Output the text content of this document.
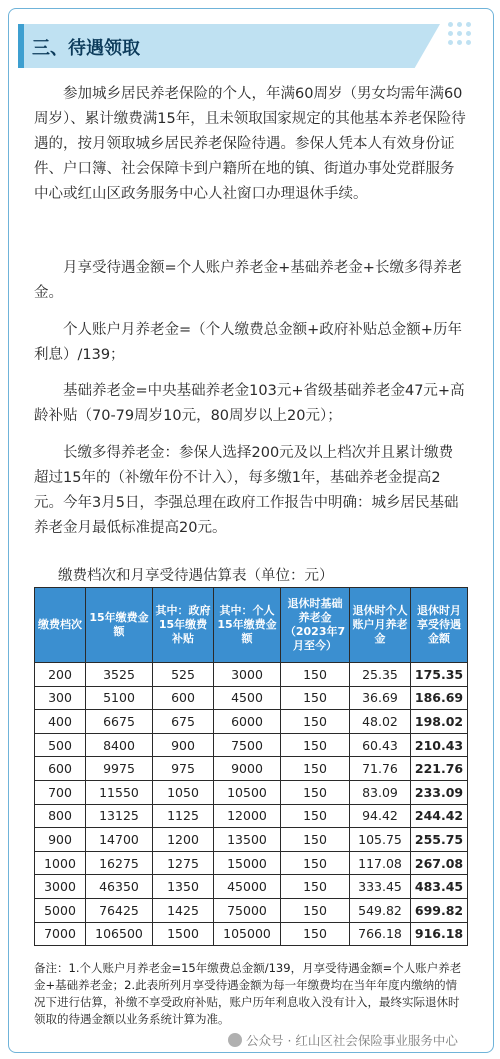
三、待遇领取
参加城乡居民养老保险的个人，年满60周岁（男女均需年满60周岁）、累计缴费满15年，且未领取国家规定的其他基本养老保险待遇的，按月领取城乡居民养老保险待遇。参保人凭本人有效身份证件、户口簿、社会保障卡到户籍所在地的镇、街道办事处党群服务中心或红山区政务服务中心人社窗口办理退休手续。
月享受待遇金额=个人账户养老金+基础养老金+长缴多得养老金。
个人账户月养老金=（个人缴费总金额+政府补贴总金额+历年利息）/139；
基础养老金=中央基础养老金103元+省级基础养老金47元+高龄补贴（70-79周岁10元，80周岁以上20元）；
长缴多得养老金：参保人选择200元及以上档次并且累计缴费超过15年的（补缴年份不计入），每多缴1年，基础养老金提高2元。今年3月5日，李强总理在政府工作报告中明确：城乡居民基础养老金月最低标准提高20元。
缴费档次和月享受待遇估算表（单位：元）
缴费档次	15年缴费金额	其中：政府15年缴费补贴	其中：个人15年缴费金额	退休时基础养老金（2023年7月至今）	退休时个人账户月养老金	退休时月享受待遇金额
200	3525	525	3000	150	25.35	175.35
300	5100	600	4500	150	36.69	186.69
400	6675	675	6000	150	48.02	198.02
500	8400	900	7500	150	60.43	210.43
600	9975	975	9000	150	71.76	221.76
700	11550	1050	10500	150	83.09	233.09
800	13125	1125	12000	150	94.42	244.42
900	14700	1200	13500	150	105.75	255.75
1000	16275	1275	15000	150	117.08	267.08
3000	46350	1350	45000	150	333.45	483.45
5000	76425	1425	75000	150	549.82	699.82
7000	106500	1500	105000	150	766.18	916.18
备注：1.个人账户月养老金=15年缴费总金额/139，月享受待遇金额=个人账户养老金+基础养老金；2.此表所列月享受待遇金额为每一年缴费均在当年年度内缴纳的情况下进行估算，补缴不享受政府补贴，账户历年利息收入没有计入，最终实际退休时领取的待遇金额以业务系统计算为准。
公众号 · 红山区社会保险事业服务中心
